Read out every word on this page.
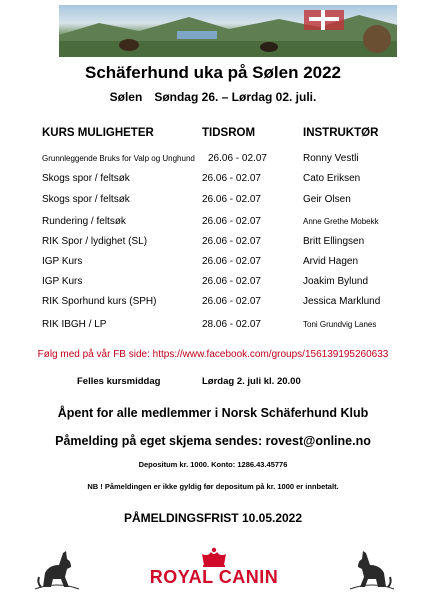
Schäferhund uka på Sølen 2022
Sølen Søndag 26. – Lørdag 02. juli.
KURS MULIGHETER	TIDSROM	INSTRUKTØR
Grunnleggende Bruks for Valp og Unghund 26.06 - 02.07	Ronny Vestli
Skogs spor / feltsøk	26.06 - 02.07	Cato Eriksen
Skogs spor / feltsøk	26.06 - 02.07	Geir Olsen
Rundering / feltsøk	26.06 - 02.07	Anne Grethe Mobekk
RIK Spor / lydighet (SL)	26.06 - 02.07	Britt Ellingsen
IGP Kurs	26.06 - 02.07	Arvid Hagen
IGP Kurs	26.06 - 02.07	Joakim Bylund
RIK Sporhund kurs (SPH)	26.06 - 02.07	Jessica Marklund
RIK IBGH / LP	28.06 - 02.07	Toni Grundvig Lanes
Følg med på vår FB side: https://www.facebook.com/groups/156139195260633
Felles kursmiddag	Lørdag 2. juli kl. 20.00
Åpent for alle medlemmer i Norsk Schäferhund Klub
Påmelding på eget skjema sendes: rovest@online.no
Depositum kr. 1000. Konto: 1286.43.45776
NB ! Påmeldingen er ikke gyldig før depositum på kr. 1000 er innbetalt.
PÅMELDINGSFRIST 10.05.2022
ROYAL CANIN
